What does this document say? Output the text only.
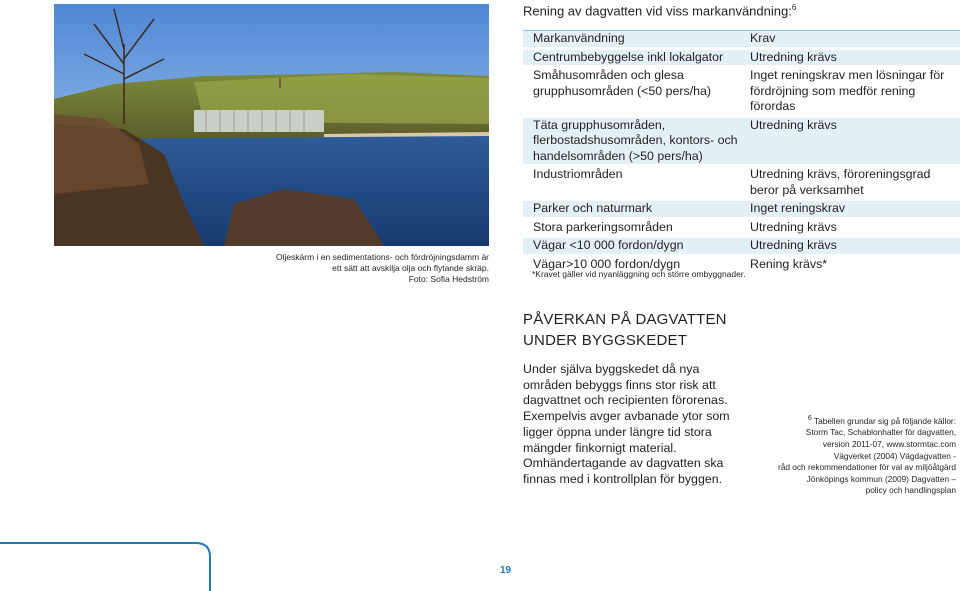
Oljeskärm i en sedimentations- och fördröjningsdamm är
ett sätt att avskilja olja och flytande skräp.
Foto: Sofia Hedström
Rening av dagvatten vid viss markanvändning:$^6$
Markanvändning	Krav
Centrumbebyggelse inkl lokalgator	Utredning krävs
Småhusområden och glesa grupphusområden (<50 pers/ha)	Inget reningskrav men lösningar för fördröjning som medför rening förordas
Täta grupphusområden, flerbostadshusområden, kontors- och handelsområden (>50 pers/ha)	Utredning krävs
Industriområden	Utredning krävs, föroreningsgrad beror på verksamhet
Parker och naturmark	Inget reningskrav
Stora parkeringsområden	Utredning krävs
Vägar <10 000 fordon/dygn	Utredning krävs
Vägar>10 000 fordon/dygn	Rening krävs*
*Kravet gäller vid nyanläggning och större ombyggnader.
PÅVERKAN PÅ DAGVATTEN UNDER BYGGSKEDET
Under själva byggskedet då nya områden bebyggs finns stor risk att dagvattnet och recipienten förorenas. Exempelvis avger avbanade ytor som ligger öppna under längre tid stora mängder finkornigt material. Omhändertagande av dagvatten ska finnas med i kontrollplan för byggen.
$^6$ Tabellen grundar sig på följande källor:
Storm Tac, Schablonhalter för dagvatten,
version 2011-07, www.stormtac.com
Vägverket (2004) Vägdagvatten -
råd och rekommendationer för val av miljöåtgärd
Jönköpings kommun (2009) Dagvatten –
policy och handlingsplan
19
